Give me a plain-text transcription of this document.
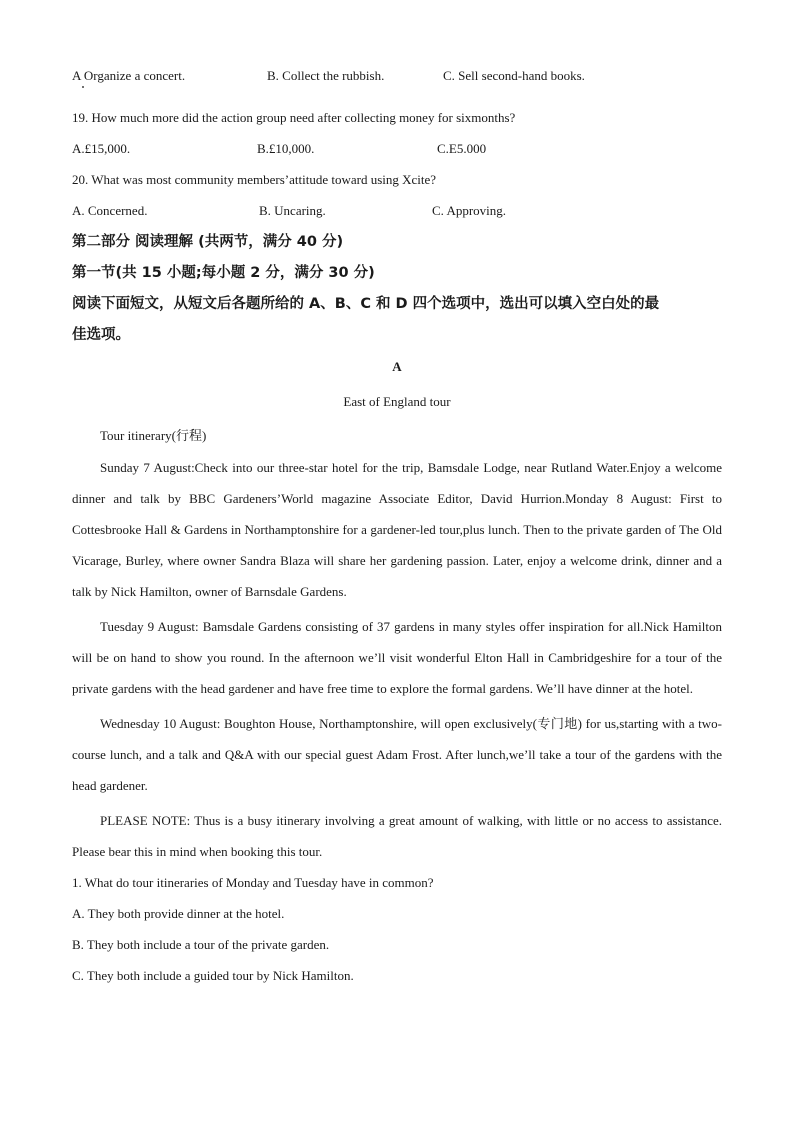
A Organize a concert.	B. Collect the rubbish.	C. Sell second-hand books.

19. How much more did the action group need after collecting money for sixmonths?

A.£15,000.	B.£10,000.	C.E5.000

20. What was most community members’attitude toward using Xcite?

A. Concerned.	B. Uncaring.	C. Approving.

第二部分 阅读理解 (共两节，满分 40 分)

第一节(共 15 小题;每小题 2 分，满分 30 分)

阅读下面短文，从短文后各题所给的 A、B、C 和 D 四个选项中，选出可以填入空白处的最

佳选项。

A

East of England tour

Tour itinerary(行程)

Sunday 7 August:Check into our three-star hotel for the trip, Bamsdale Lodge, near Rutland Water.Enjoy a welcome dinner and talk by BBC Gardeners’World magazine Associate Editor, David Hurrion.Monday 8 August: First to Cottesbrooke Hall & Gardens in Northamptonshire for a gardener-led tour,plus lunch. Then to the private garden of The Old Vicarage, Burley, where owner Sandra Blaza will share her gardening passion. Later, enjoy a welcome drink, dinner and a talk by Nick Hamilton, owner of Barnsdale Gardens.

Tuesday 9 August: Bamsdale Gardens consisting of 37 gardens in many styles offer inspiration for all.Nick Hamilton will be on hand to show you round. In the afternoon we’ll visit wonderful Elton Hall in Cambridgeshire for a tour of the private gardens with the head gardener and have free time to explore the formal gardens. We’ll have dinner at the hotel.

Wednesday 10 August: Boughton House, Northamptonshire, will open exclusively(专门地) for us,starting with a two- course lunch, and a talk and Q&A with our special guest Adam Frost. After lunch,we’ll take a tour of the gardens with the head gardener.

PLEASE NOTE: Thus is a busy itinerary involving a great amount of walking, with little or no access to assistance. Please bear this in mind when booking this tour.

1. What do tour itineraries of Monday and Tuesday have in common?

A. They both provide dinner at the hotel.

B. They both include a tour of the private garden.

C. They both include a guided tour by Nick Hamilton.
